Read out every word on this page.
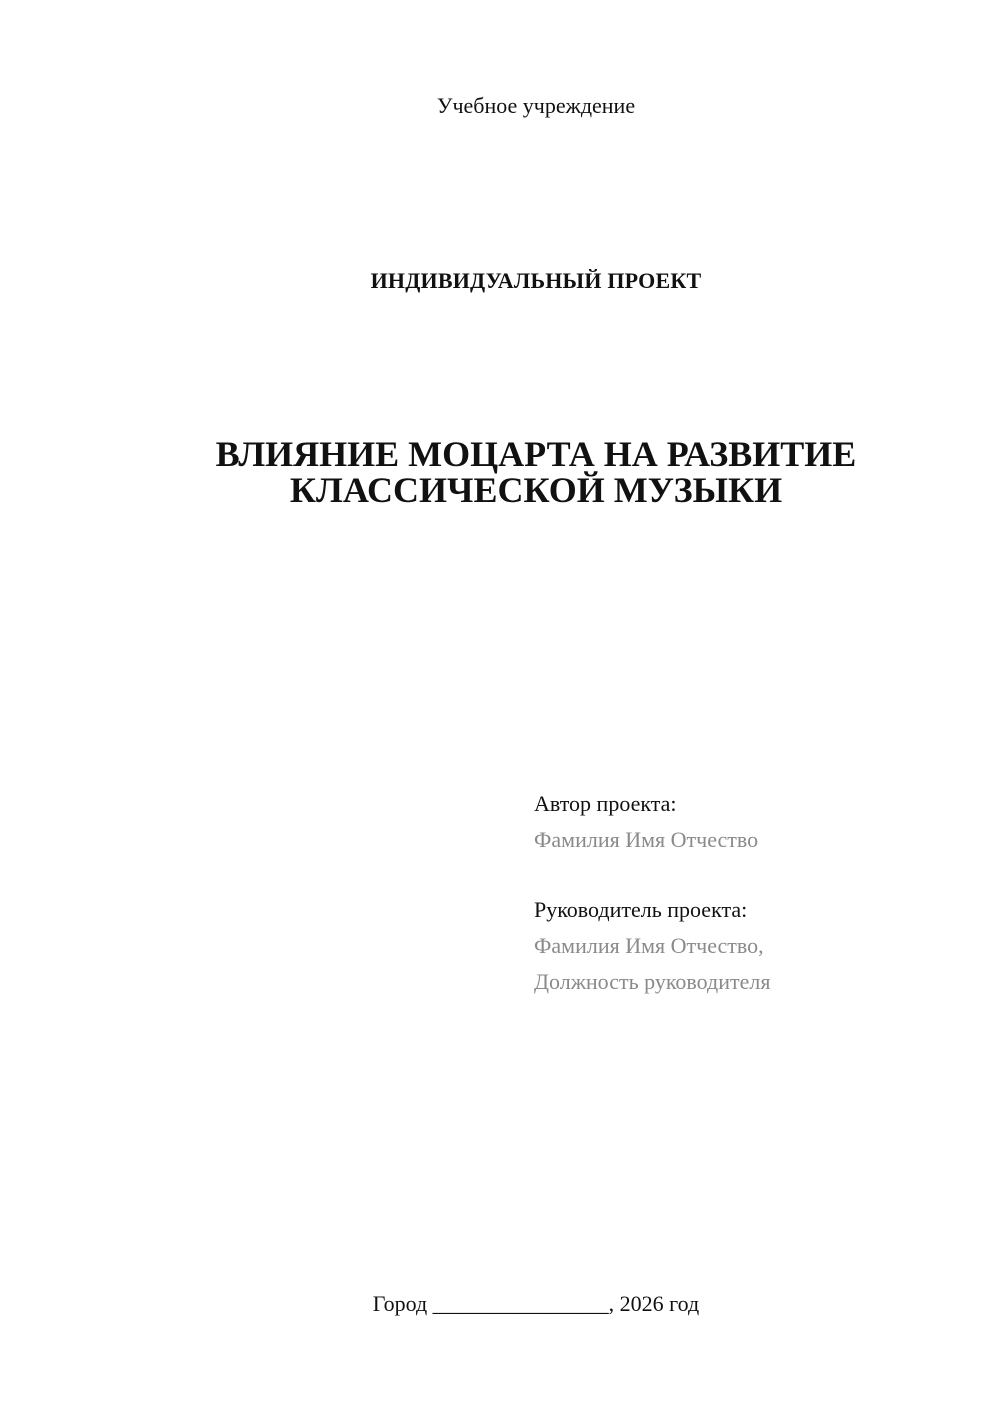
Учебное учреждение
ИНДИВИДУАЛЬНЫЙ ПРОЕКТ
ВЛИЯНИЕ МОЦАРТА НА РАЗВИТИЕ
КЛАССИЧЕСКОЙ МУЗЫКИ
Автор проекта:
Фамилия Имя Отчество
Руководитель проекта:
Фамилия Имя Отчество,
Должность руководителя
Город ________________, 2026 год
